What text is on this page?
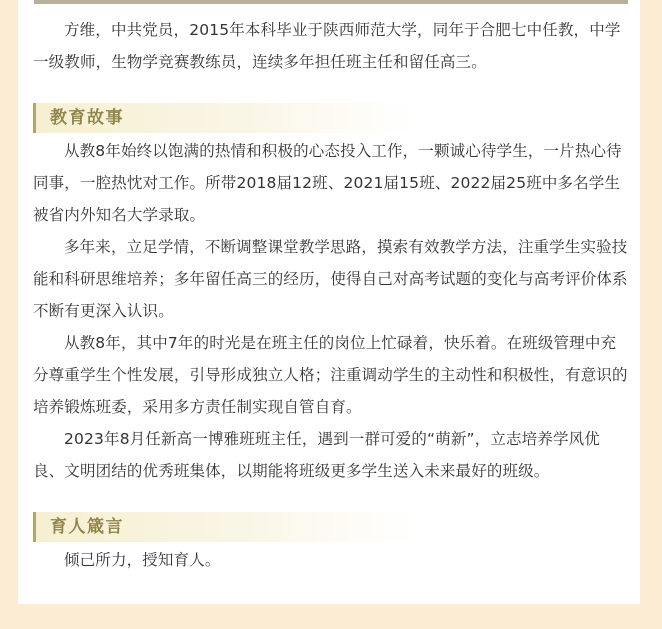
方维，中共党员，2015年本科毕业于陕西师范大学，同年于合肥七中任教，中学一级教师，生物学竞赛教练员，连续多年担任班主任和留任高三。

教育故事

从教8年始终以饱满的热情和积极的心态投入工作，一颗诚心待学生，一片热心待同事，一腔热忱对工作。所带2018届12班、2021届15班、2022届25班中多名学生被省内外知名大学录取。

多年来，立足学情，不断调整课堂教学思路，摸索有效教学方法，注重学生实验技能和科研思维培养；多年留任高三的经历，使得自己对高考试题的变化与高考评价体系不断有更深入认识。

从教8年，其中7年的时光是在班主任的岗位上忙碌着，快乐着。在班级管理中充分尊重学生个性发展，引导形成独立人格；注重调动学生的主动性和积极性，有意识的培养锻炼班委，采用多方责任制实现自管自育。

2023年8月任新高一博雅班班主任，遇到一群可爱的“萌新”，立志培养学风优良、文明团结的优秀班集体，以期能将班级更多学生送入未来最好的班级。

育人箴言

倾己所力，授知育人。
